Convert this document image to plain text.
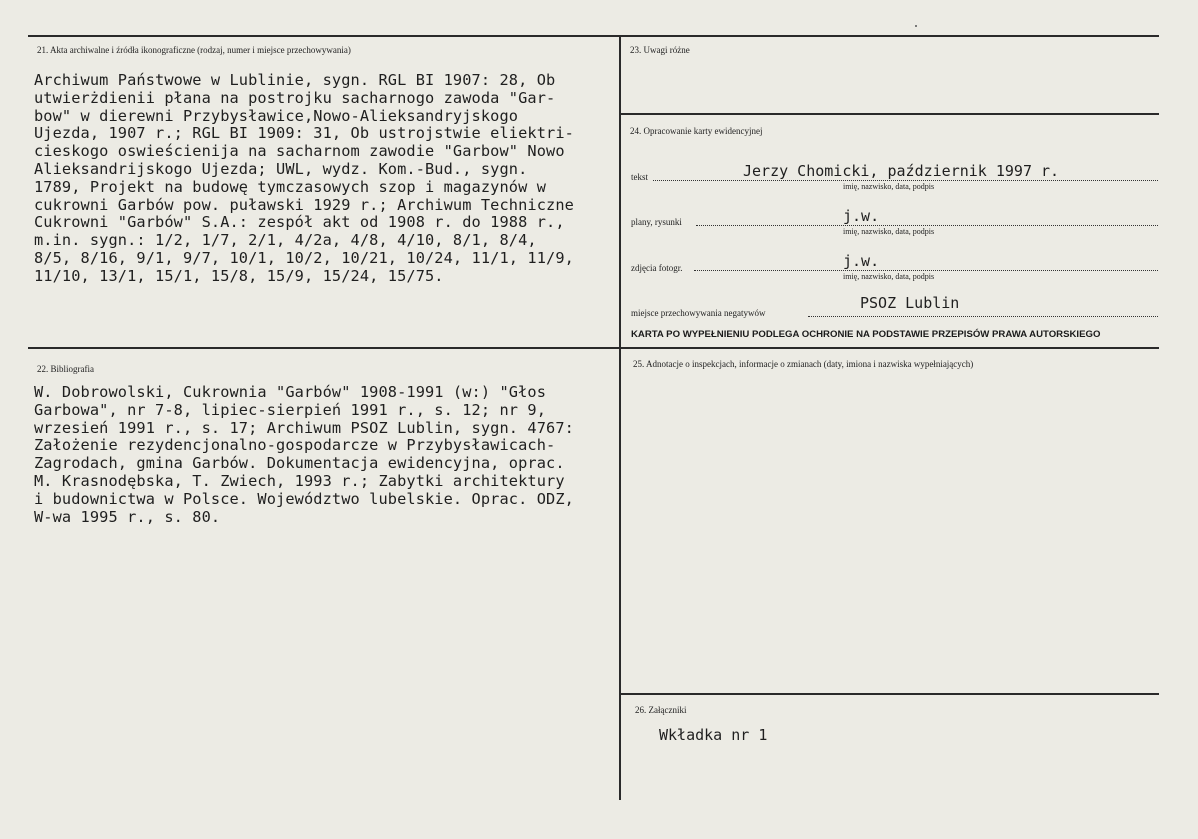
21. Akta archiwalne i źródła ikonograficzne (rodzaj, numer i miejsce przechowywania)
Archiwum Państwowe w Lublinie, sygn. RGL BI 1907: 28, Ob
utwierżdienii płana na postrojku sacharnogo zawoda "Gar-
bow" w dierewni Przybysławice,Nowo-Alieksandryjskogo
Ujezda, 1907 r.; RGL BI 1909: 31, Ob ustrojstwie eliektri-
cieskogo oswieścienija na sacharnom zawodie "Garbow" Nowo
Alieksandrijskogo Ujezda; UWL, wydz. Kom.-Bud., sygn.
1789, Projekt na budowę tymczasowych szop i magazynów w
cukrowni Garbów pow. puławski 1929 r.; Archiwum Techniczne
Cukrowni "Garbów" S.A.: zespół akt od 1908 r. do 1988 r.,
m.in. sygn.: 1/2, 1/7, 2/1, 4/2a, 4/8, 4/10, 8/1, 8/4,
8/5, 8/16, 9/1, 9/7, 10/1, 10/2, 10/21, 10/24, 11/1, 11/9,
11/10, 13/1, 15/1, 15/8, 15/9, 15/24, 15/75.
22. Bibliografia
W. Dobrowolski, Cukrownia "Garbów" 1908-1991 (w:) "Głos
Garbowa", nr 7-8, lipiec-sierpień 1991 r., s. 12; nr 9,
wrzesień 1991 r., s. 17; Archiwum PSOZ Lublin, sygn. 4767:
Założenie rezydencjonalno-gospodarcze w Przybysławicach-
Zagrodach, gmina Garbów. Dokumentacja ewidencyjna, oprac.
M. Krasnodębska, T. Zwiech, 1993 r.; Zabytki architektury
i budownictwa w Polsce. Województwo lubelskie. Oprac. ODZ,
W-wa 1995 r., s. 80.
23. Uwagi różne
24. Opracowanie karty ewidencyjnej
tekst	Jerzy Chomicki, październik 1997 r.
imię, nazwisko, data, podpis
plany, rysunki	j.w.
imię, nazwisko, data, podpis
zdjęcia fotogr.	j.w.
imię, nazwisko, data, podpis
miejsce przechowywania negatywów
PSOZ Lublin
KARTA PO WYPEŁNIENIU PODLEGA OCHRONIE NA PODSTAWIE PRZEPISÓW PRAWA AUTORSKIEGO
25. Adnotacje o inspekcjach, informacje o zmianach (daty, imiona i nazwiska wypełniających)
26. Załączniki
Wkładka nr 1
